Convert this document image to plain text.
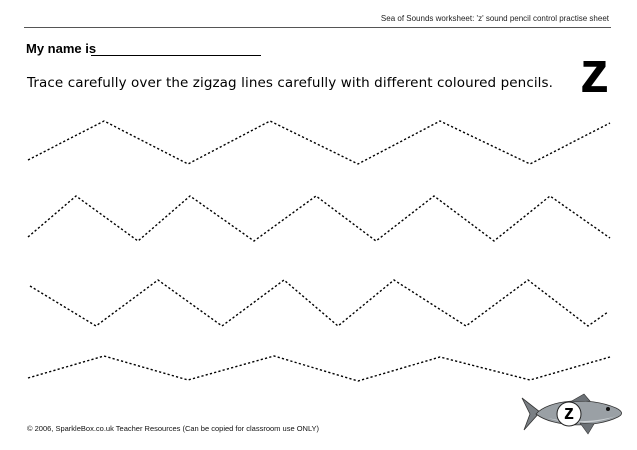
Sea of Sounds worksheet: 'z' sound pencil control practise sheet
My name is
Trace carefully over the zigzag lines carefully with different coloured pencils. z
© 2006, SparkleBox.co.uk Teacher Resources (Can be copied for classroom use ONLY)
z
